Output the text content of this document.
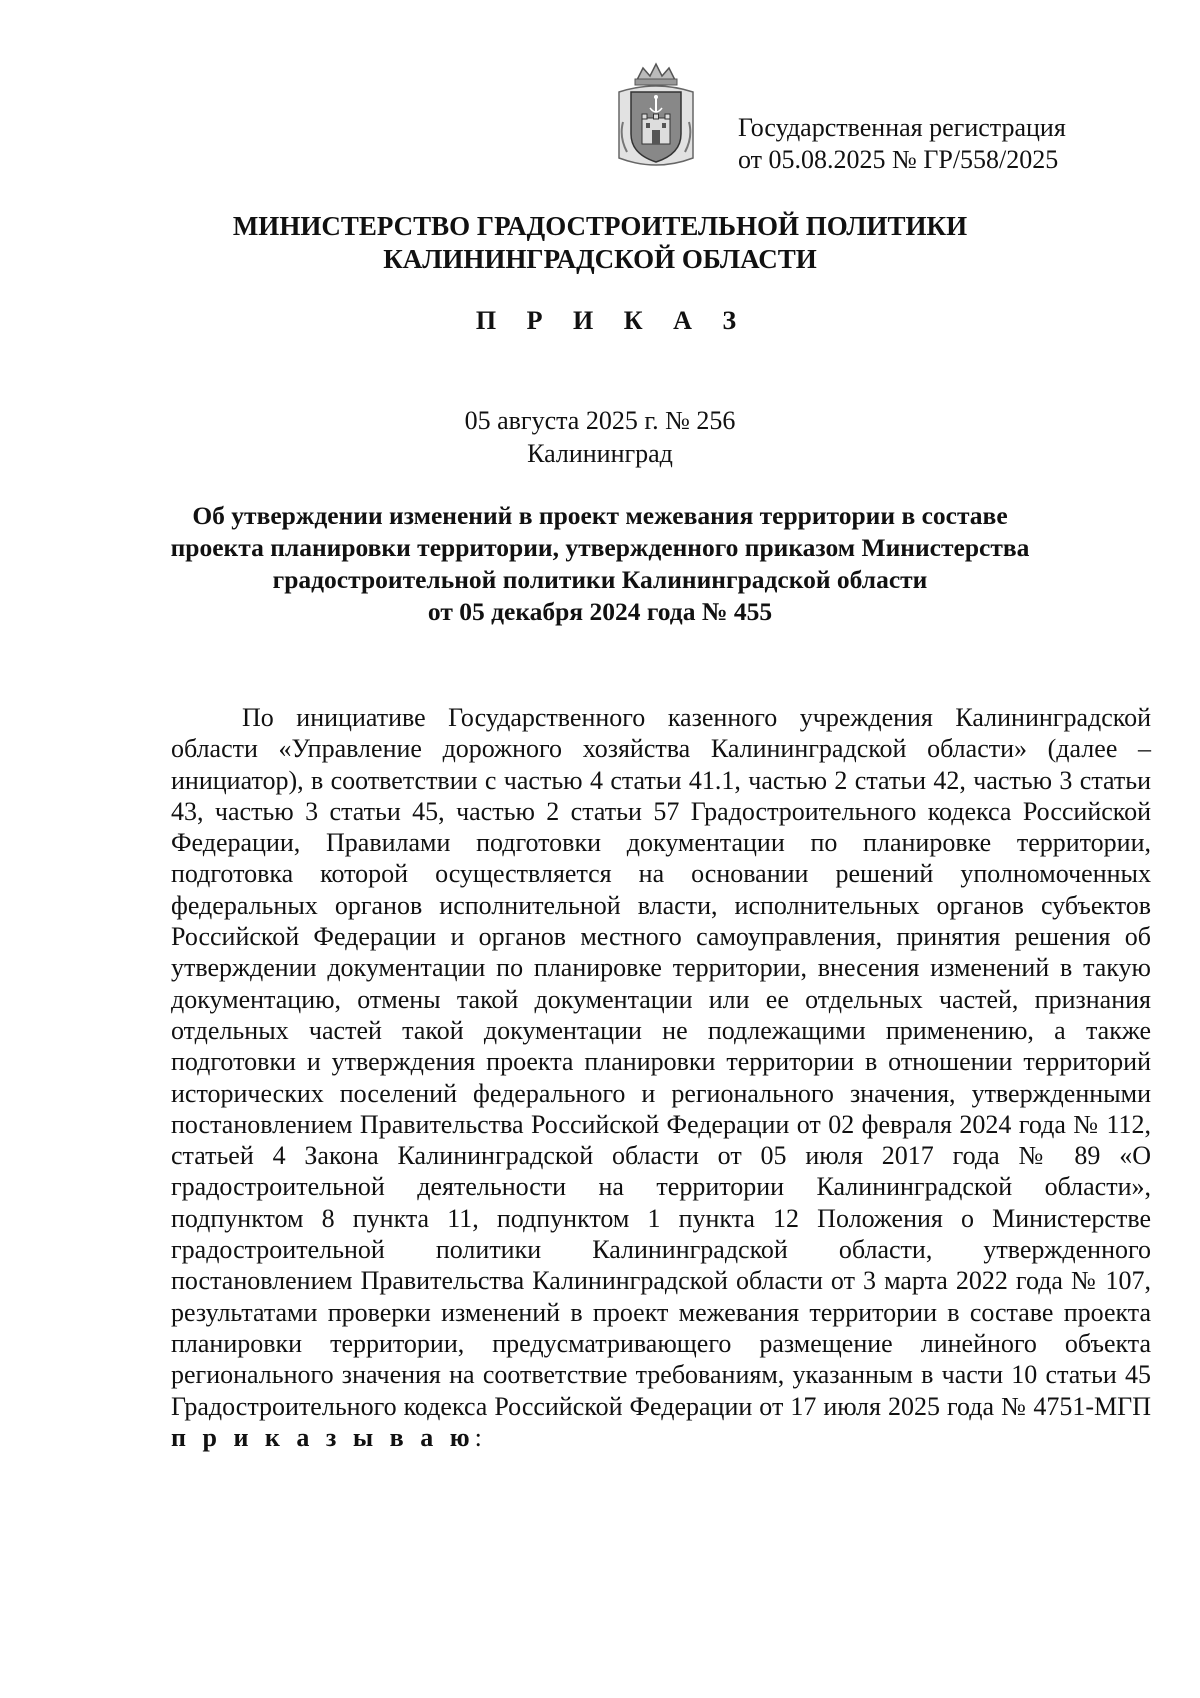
Государственная регистрация
от 05.08.2025 № ГР/558/2025
МИНИСТЕРСТВО ГРАДОСТРОИТЕЛЬНОЙ ПОЛИТИКИ
КАЛИНИНГРАДСКОЙ ОБЛАСТИ
П Р И К А З
05 августа 2025 г. № 256
Калининград
Об утверждении изменений в проект межевания территории в составе
проекта планировки территории, утвержденного приказом Министерства
градостроительной политики Калининградской области
от 05 декабря 2024 года № 455
По инициативе Государственного казенного учреждения Калининградской области «Управление дорожного хозяйства Калининградской области» (далее – инициатор), в соответствии с частью 4 статьи 41.1, частью 2 статьи 42, частью 3 статьи 43, частью 3 статьи 45, частью 2 статьи 57 Градостроительного кодекса Российской Федерации, Правилами подготовки документации по планировке территории, подготовка которой осуществляется на основании решений уполномоченных федеральных органов исполнительной власти, исполнительных органов субъектов Российской Федерации и органов местного самоуправления, принятия решения об утверждении документации по планировке территории, внесения изменений в такую документацию, отмены такой документации или ее отдельных частей, признания отдельных частей такой документации не подлежащими применению, а также подготовки и утверждения проекта планировки территории в отношении территорий исторических поселений федерального и регионального значения, утвержденными постановлением Правительства Российской Федерации от 02 февраля 2024 года № 112, статьей 4 Закона Калининградской области от 05 июля 2017 года № 89 «О градостроительной деятельности на территории Калининградской области», подпунктом 8 пункта 11, подпунктом 1 пункта 12 Положения о Министерстве градостроительной политики Калининградской области, утвержденного постановлением Правительства Калининградской области от 3 марта 2022 года № 107, результатами проверки изменений в проект межевания территории в составе проекта планировки территории, предусматривающего размещение линейного объекта регионального значения на соответствие требованиям, указанным в части 10 статьи 45 Градостроительного кодекса Российской Федерации от 17 июля 2025 года № 4751-МГП п р и к а з ы в а ю:
